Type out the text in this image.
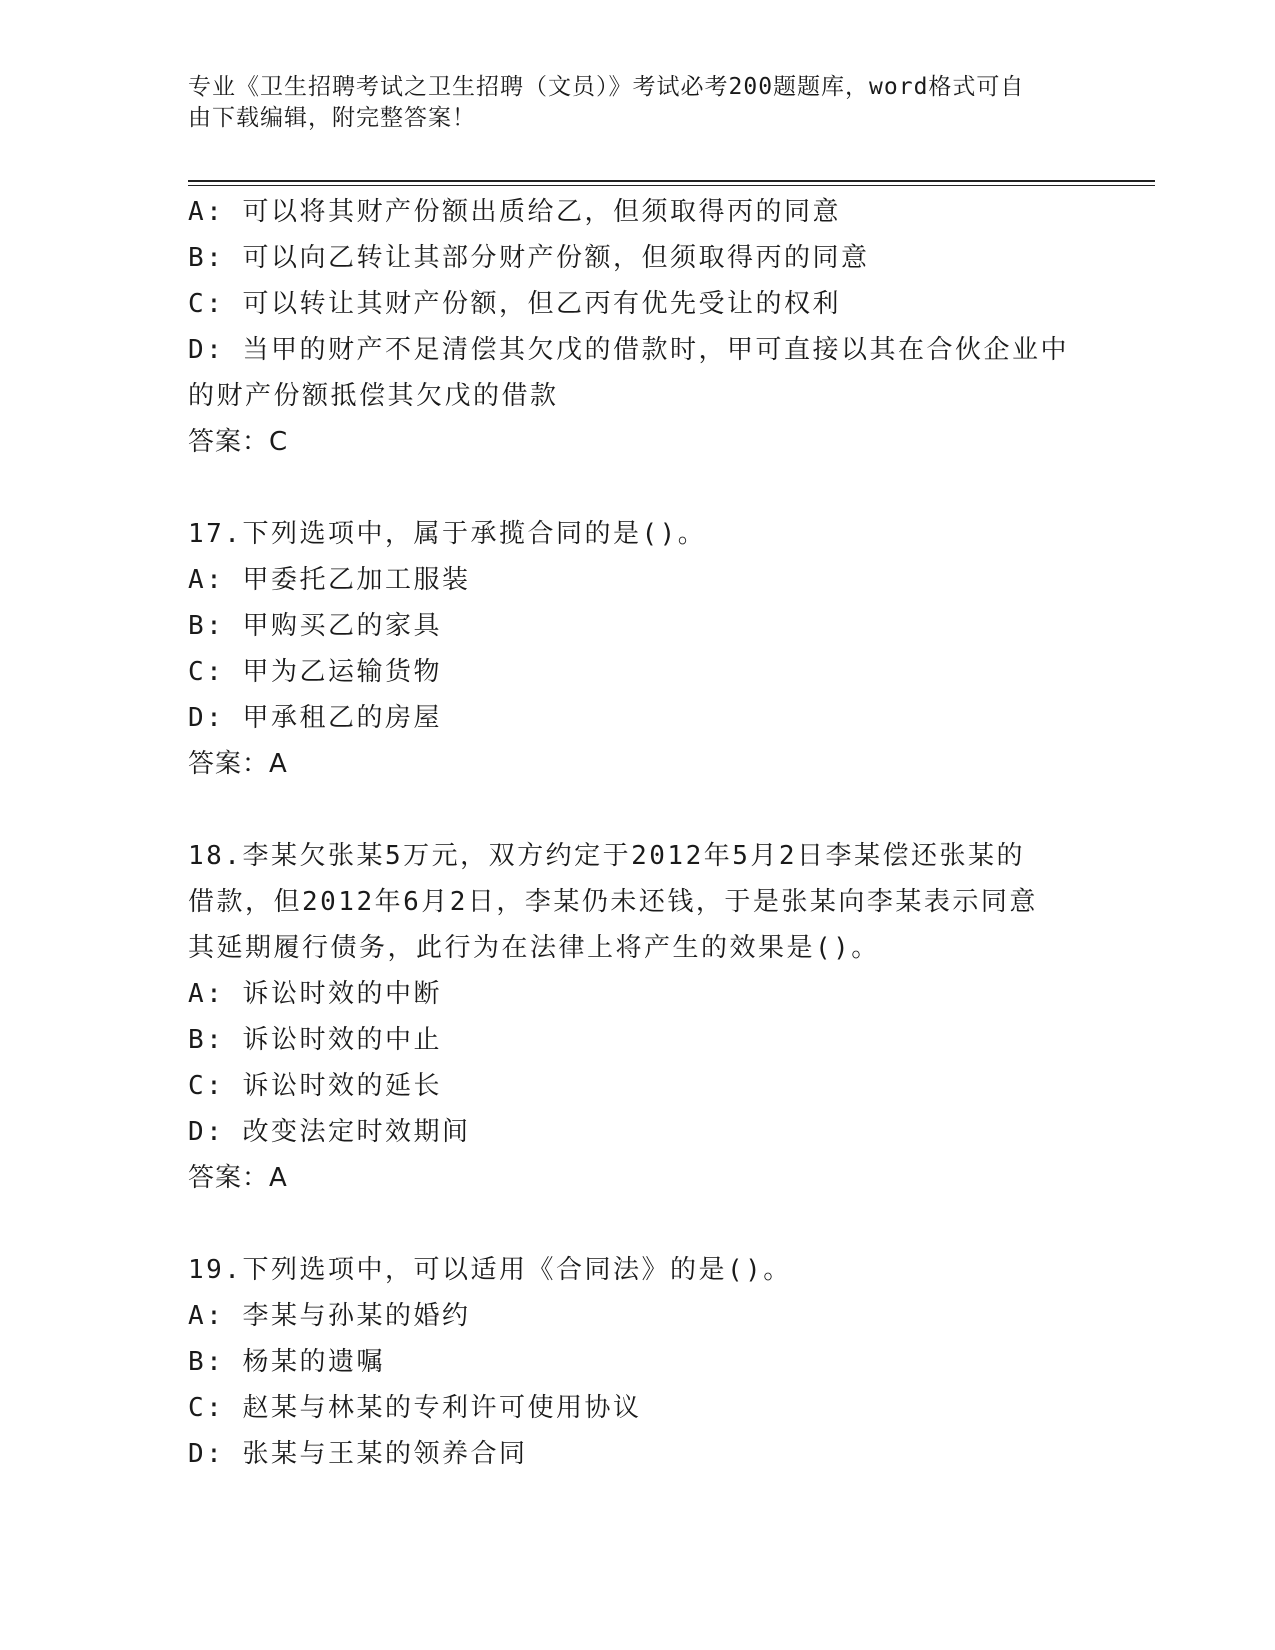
专业《卫生招聘考试之卫生招聘（文员）》考试必考200题题库，word格式可自
由下载编辑，附完整答案！
A: 可以将其财产份额出质给乙，但须取得丙的同意
B: 可以向乙转让其部分财产份额，但须取得丙的同意
C: 可以转让其财产份额，但乙丙有优先受让的权利
D: 当甲的财产不足清偿其欠戊的借款时，甲可直接以其在合伙企业中
的财产份额抵偿其欠戊的借款
答案：C
17.下列选项中，属于承揽合同的是()。
A: 甲委托乙加工服装
B: 甲购买乙的家具
C: 甲为乙运输货物
D: 甲承租乙的房屋
答案：A
18.李某欠张某5万元，双方约定于2012年5月2日李某偿还张某的
借款，但2012年6月2日，李某仍未还钱，于是张某向李某表示同意
其延期履行债务，此行为在法律上将产生的效果是()。
A: 诉讼时效的中断
B: 诉讼时效的中止
C: 诉讼时效的延长
D: 改变法定时效期间
答案：A
19.下列选项中，可以适用《合同法》的是()。
A: 李某与孙某的婚约
B: 杨某的遗嘱
C: 赵某与林某的专利许可使用协议
D: 张某与王某的领养合同
